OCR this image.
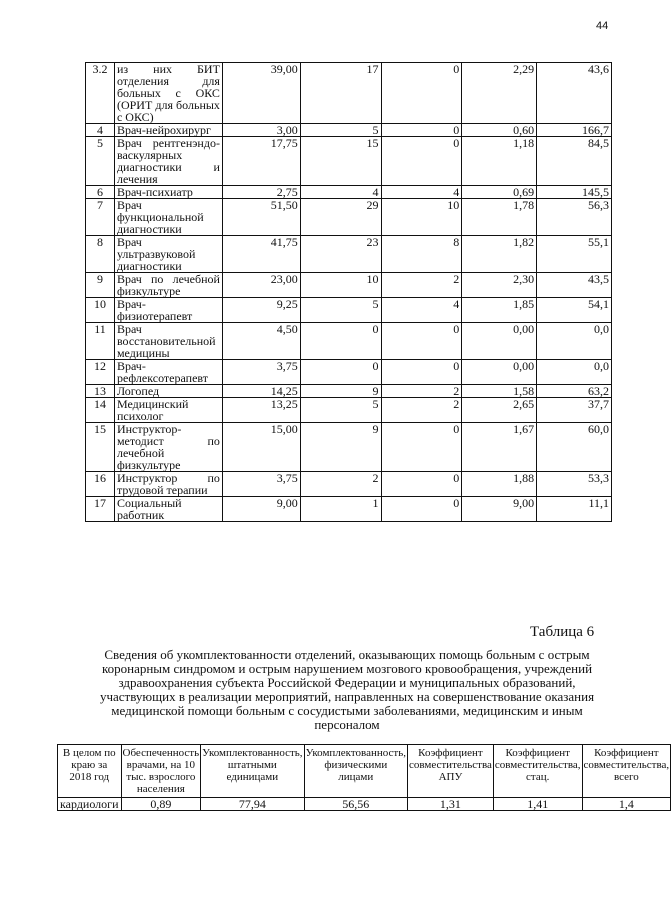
44
3.2	из них БИТ отделения для больных с ОКС (ОРИТ для больных с ОКС)	39,00	17	0	2,29	43,6
4	Врач-нейрохирург	3,00	5	0	0,60	166,7
5	Врач рентгенэндо-васкулярных диагностики и лечения	17,75	15	0	1,18	84,5
6	Врач-психиатр	2,75	4	4	0,69	145,5
7	Врач функциональной диагностики	51,50	29	10	1,78	56,3
8	Врач ультразвуковой диагностики	41,75	23	8	1,82	55,1
9	Врач по лечебной физкультуре	23,00	10	2	2,30	43,5
10	Врач-физиотерапевт	9,25	5	4	1,85	54,1
11	Врач восстановительной медицины	4,50	0	0	0,00	0,0
12	Врач-рефлексотерапевт	3,75	0	0	0,00	0,0
13	Логопед	14,25	9	2	1,58	63,2
14	Медицинский психолог	13,25	5	2	2,65	37,7
15	Инструктор-методист по лечебной физкультуре	15,00	9	0	1,67	60,0
16	Инструктор по трудовой терапии	3,75	2	0	1,88	53,3
17	Социальный работник	9,00	1	0	9,00	11,1
Таблица 6
Сведения об укомплектованности отделений, оказывающих помощь больным с острым коронарным синдромом и острым нарушением мозгового кровообращения, учреждений здравоохранения субъекта Российской Федерации и муниципальных образований, участвующих в реализации мероприятий, направленных на совершенствование оказания медицинской помощи больным с сосудистыми заболеваниями, медицинским и иным персоналом
В целом по краю за 2018 год	Обеспеченность врачами, на 10 тыс. взрослого населения	Укомплектованность, штатными единицами	Укомплектованность, физическими лицами	Коэффициент совместительства АПУ	Коэффициент совместительства, стац.	Коэффициент совместительства, всего
кардиологи	0,89	77,94	56,56	1,31	1,41	1,4
